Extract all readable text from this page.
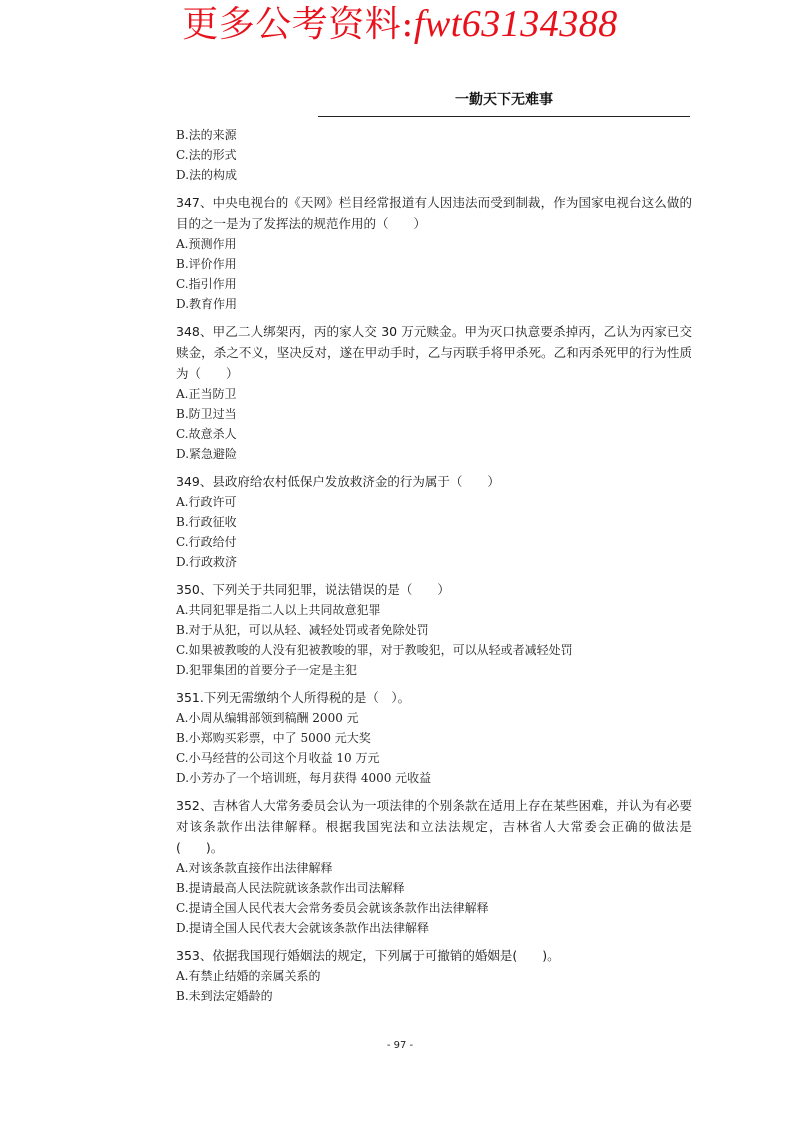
更多公考资料:fwt63134388
一勤天下无难事
B.法的来源
C.法的形式
D.法的构成
347、中央电视台的《天网》栏目经常报道有人因违法而受到制裁，作为国家电视台这么做的目的之一是为了发挥法的规范作用的（　　）
A.预测作用
B.评价作用
C.指引作用
D.教育作用
348、甲乙二人绑架丙，丙的家人交 30 万元赎金。甲为灭口执意要杀掉丙，乙认为丙家已交赎金，杀之不义，坚决反对，遂在甲动手时，乙与丙联手将甲杀死。乙和丙杀死甲的行为性质为（　　）
A.正当防卫
B.防卫过当
C.故意杀人
D.紧急避险
349、县政府给农村低保户发放救济金的行为属于（　　）
A.行政许可
B.行政征收
C.行政给付
D.行政救济
350、下列关于共同犯罪，说法错误的是（　　）
A.共同犯罪是指二人以上共同故意犯罪
B.对于从犯，可以从轻、减轻处罚或者免除处罚
C.如果被教唆的人没有犯被教唆的罪，对于教唆犯，可以从轻或者减轻处罚
D.犯罪集团的首要分子一定是主犯
351.下列无需缴纳个人所得税的是（　）。
A.小周从编辑部领到稿酬 2000 元
B.小郑购买彩票，中了 5000 元大奖
C.小马经营的公司这个月收益 10 万元
D.小芳办了一个培训班，每月获得 4000 元收益
352、吉林省人大常务委员会认为一项法律的个别条款在适用上存在某些困难，并认为有必要对该条款作出法律解释。根据我国宪法和立法法规定，吉林省人大常委会正确的做法是(　　)。
A.对该条款直接作出法律解释
B.提请最高人民法院就该条款作出司法解释
C.提请全国人民代表大会常务委员会就该条款作出法律解释
D.提请全国人民代表大会就该条款作出法律解释
353、依据我国现行婚姻法的规定，下列属于可撤销的婚姻是(　　)。
A.有禁止结婚的亲属关系的
B.未到法定婚龄的
- 97 -
